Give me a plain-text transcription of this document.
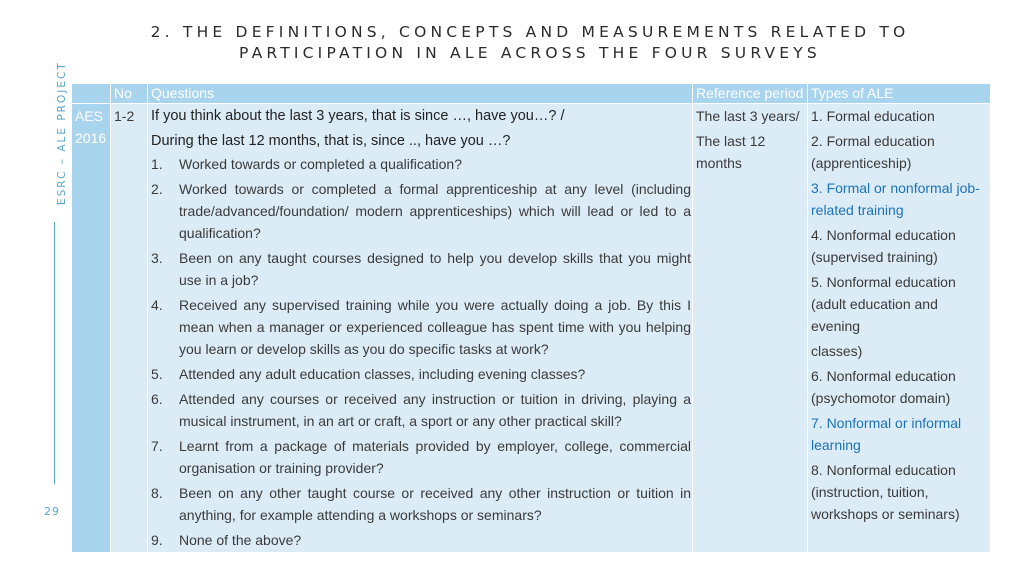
2. THE DEFINITIONS, CONCEPTS AND MEASUREMENTS RELATED TO
PARTICIPATION IN ALE ACROSS THE FOUR SURVEYS
ESRC – ALE PROJECT
29
No	Questions	Reference period Types of ALE
AES
2016
1-2 If you think about the last 3 years, that is since …, have you…? /
During the last 12 months, that is, since .., have you …?
1. Worked towards or completed a qualification?
2. Worked towards or completed a formal apprenticeship at any level (including
trade/advanced/foundation/ modern apprenticeships) which will lead or led to a
qualification?
3. Been on any taught courses designed to help you develop skills that you might
use in a job?
4. Received any supervised training while you were actually doing a job. By this I
mean when a manager or experienced colleague has spent time with you helping
you learn or develop skills as you do specific tasks at work?
5. Attended any adult education classes, including evening classes?
6. Attended any courses or received any instruction or tuition in driving, playing a
musical instrument, in an art or craft, a sport or any other practical skill?
7. Learnt from a package of materials provided by employer, college, commercial
organisation or training provider?
8. Been on any other taught course or received any other instruction or tuition in
anything, for example attending a workshops or seminars?
9. None of the above?
The last 3 years/
The last 12
months
1. Formal education
2. Formal education
(apprenticeship)
3. Formal or nonformal job-
related training
4. Nonformal education
(supervised training)
5. Nonformal education
(adult education and
evening
classes)
6. Nonformal education
(psychomotor domain)
7. Nonformal or informal
learning
8. Nonformal education
(instruction, tuition,
workshops or seminars)
